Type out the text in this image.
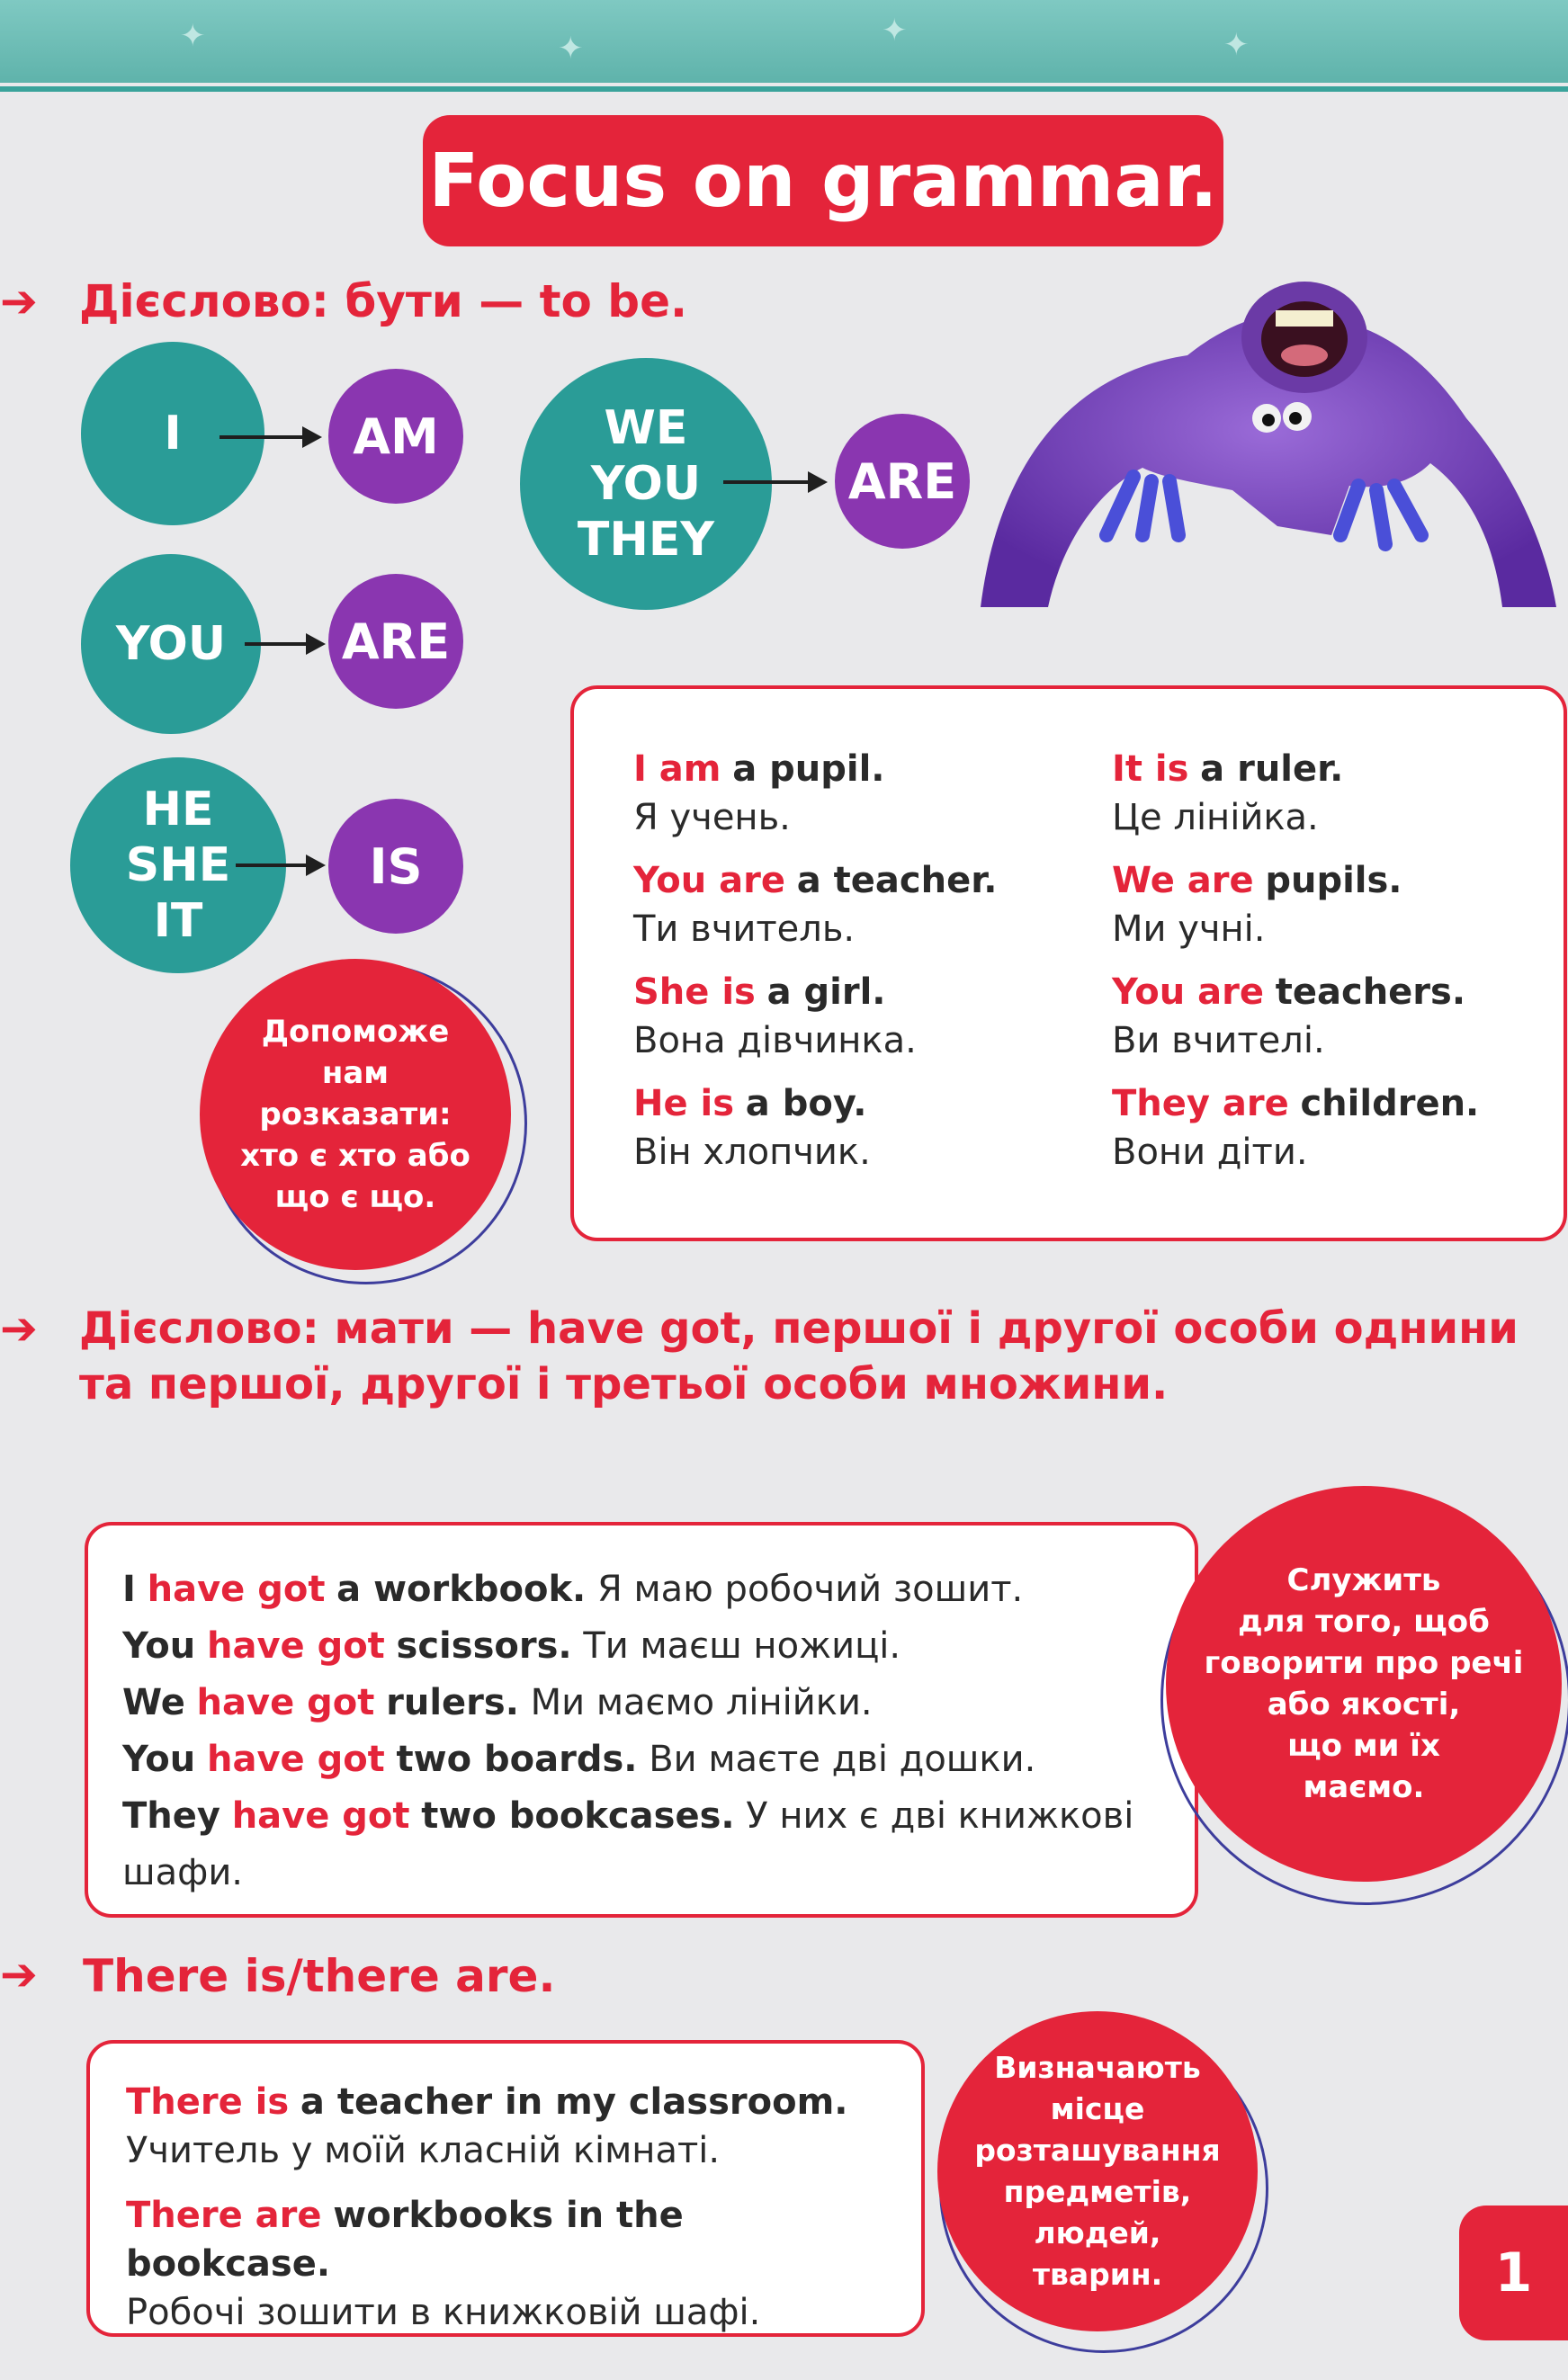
✦	✦	✦	✦
Focus on grammar.
➔ Дієслово: бути — to be.
I	AM
YOU ARE
HE
SHE
IT
IS
WE
YOU
THEY
ARE
Допоможе нам розказати: хто є хто або що є що.
I am a pupil.
Я учень.
You are a teacher.
Ти вчитель.
She is a girl.
Вона дівчинка.
He is a boy.
Він хлопчик.
It is a ruler.
Це лінійка.
We are pupils.
Ми учні.
You are teachers.
Ви вчителі.
They are children.
Вони діти.
➔ Дієслово: мати — have got, першої і другої особи однини
та першої, другої і третьої особи множини.
I have got a workbook. Я маю робочий зошит.
You have got scissors. Ти маєш ножиці.
We have got rulers. Ми маємо лінійки.
You have got two boards. Ви маєте дві дошки.
They have got two bookcases. У них є дві книжкові
шафи.
Служить
для того, щоб
говорити про речі
або якості,
що ми їх
маємо.
➔ There is/there are.
There is a teacher in my classroom.
Учитель у моїй класній кімнаті.
There are workbooks in the bookcase.
Робочі зошити в книжковій шафі.
Визначають
місце
розташування
предметів,
людей,
тварин.	1
